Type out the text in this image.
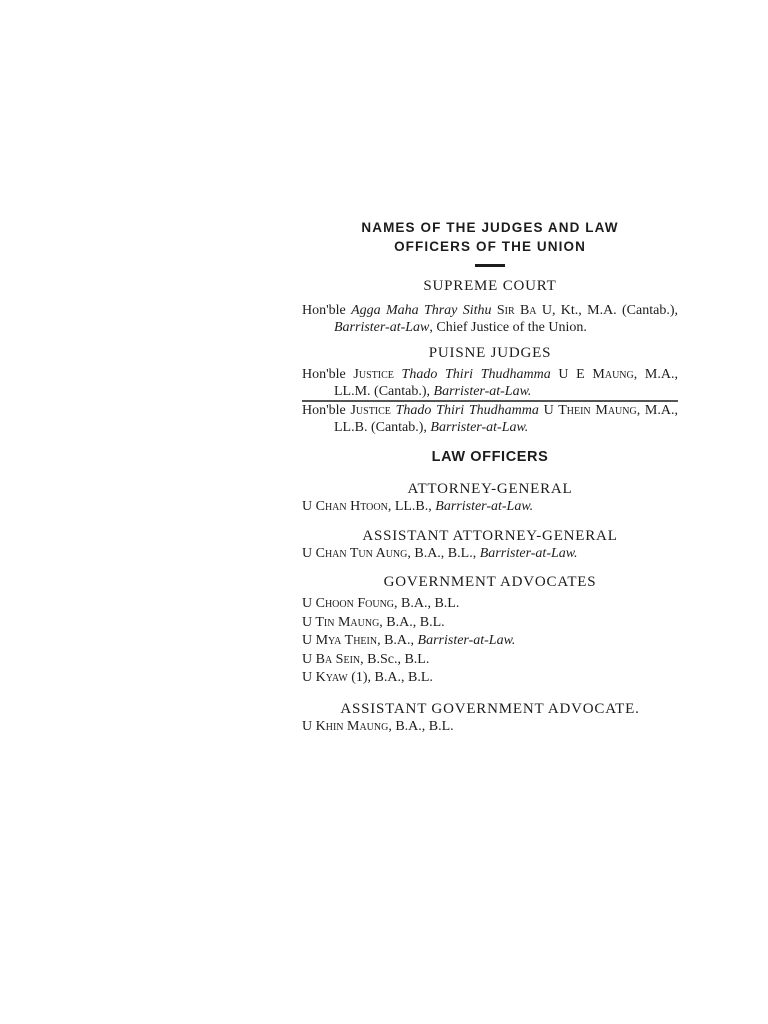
NAMES OF THE JUDGES AND LAW

OFFICERS OF THE UNION

SUPREME COURT

Hon'ble Agga Maha Thray Sithu Sir Ba U, Kt., M.A. (Cantab.), Barrister-at-Law, Chief Justice of the Union.

PUISNE JUDGES

Hon'ble Justice Thado Thiri Thudhamma U E Maung, M.A., LL.M. (Cantab.), Barrister-at-Law.

Hon'ble Justice Thado Thiri Thudhamma U Thein Maung, M.A., LL.B. (Cantab.), Barrister-at-Law.

LAW OFFICERS

ATTORNEY-GENERAL

U Chan Htoon, LL.B., Barrister-at-Law.

ASSISTANT ATTORNEY-GENERAL

U Chan Tun Aung, B.A., B.L., Barrister-at-Law.

GOVERNMENT ADVOCATES

U Choon Foung, B.A., B.L.

U Tin Maung, B.A., B.L.

U Mya Thein, B.A., Barrister-at-Law.

U Ba Sein, B.Sc., B.L.

U Kyaw (1), B.A., B.L.

ASSISTANT GOVERNMENT ADVOCATE.

U Khin Maung, B.A., B.L.
